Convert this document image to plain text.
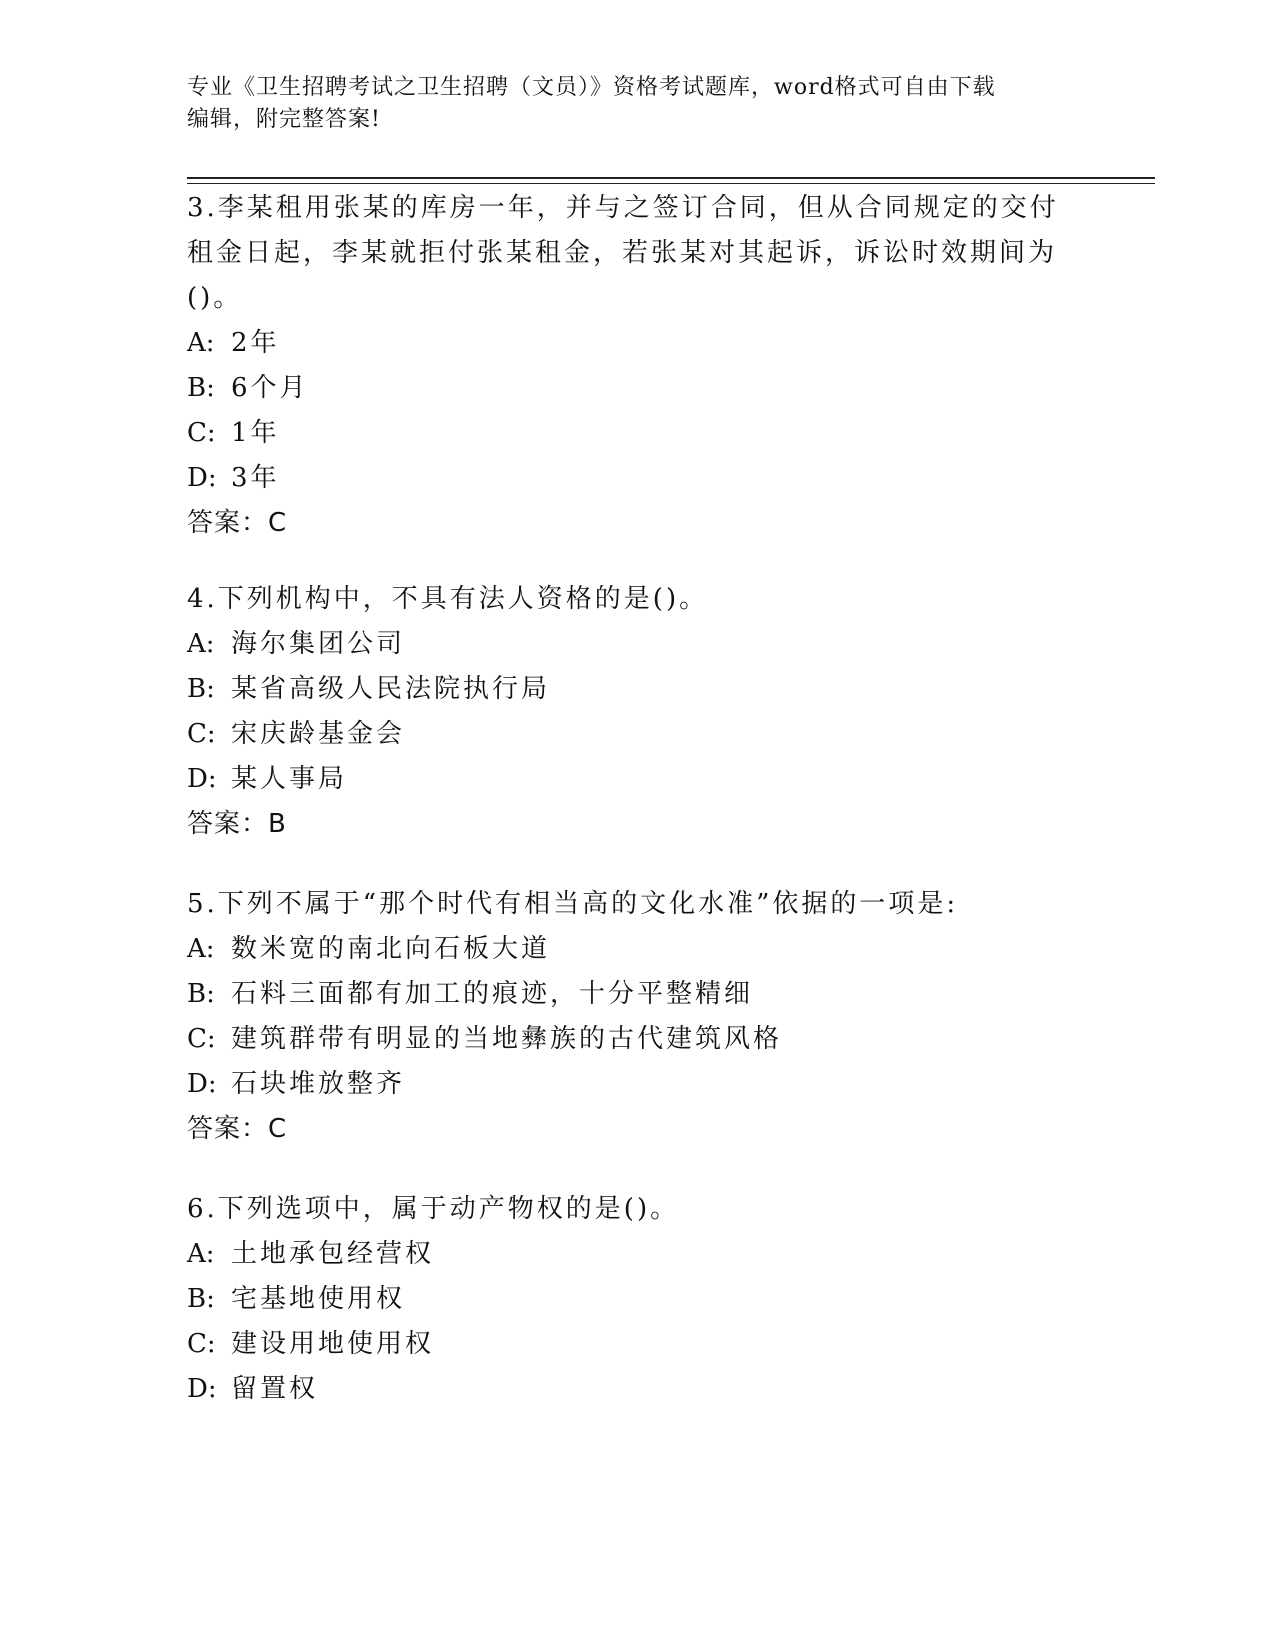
专业《卫生招聘考试之卫生招聘（文员）》资格考试题库，word格式可自由下载
编辑，附完整答案!
3.李某租用张某的库房一年，并与之签订合同，但从合同规定的交付
租金日起，李某就拒付张某租金，若张某对其起诉，诉讼时效期间为
()。
A: 2年
B: 6个月
C: 1年
D: 3年
答案：C
4.下列机构中，不具有法人资格的是()。
A: 海尔集团公司
B: 某省高级人民法院执行局
C: 宋庆龄基金会
D: 某人事局
答案：B
5.下列不属于“那个时代有相当高的文化水准”依据的一项是:
A: 数米宽的南北向石板大道
B: 石料三面都有加工的痕迹，十分平整精细
C: 建筑群带有明显的当地彝族的古代建筑风格
D: 石块堆放整齐
答案：C
6.下列选项中，属于动产物权的是()。
A: 土地承包经营权
B: 宅基地使用权
C: 建设用地使用权
D: 留置权
